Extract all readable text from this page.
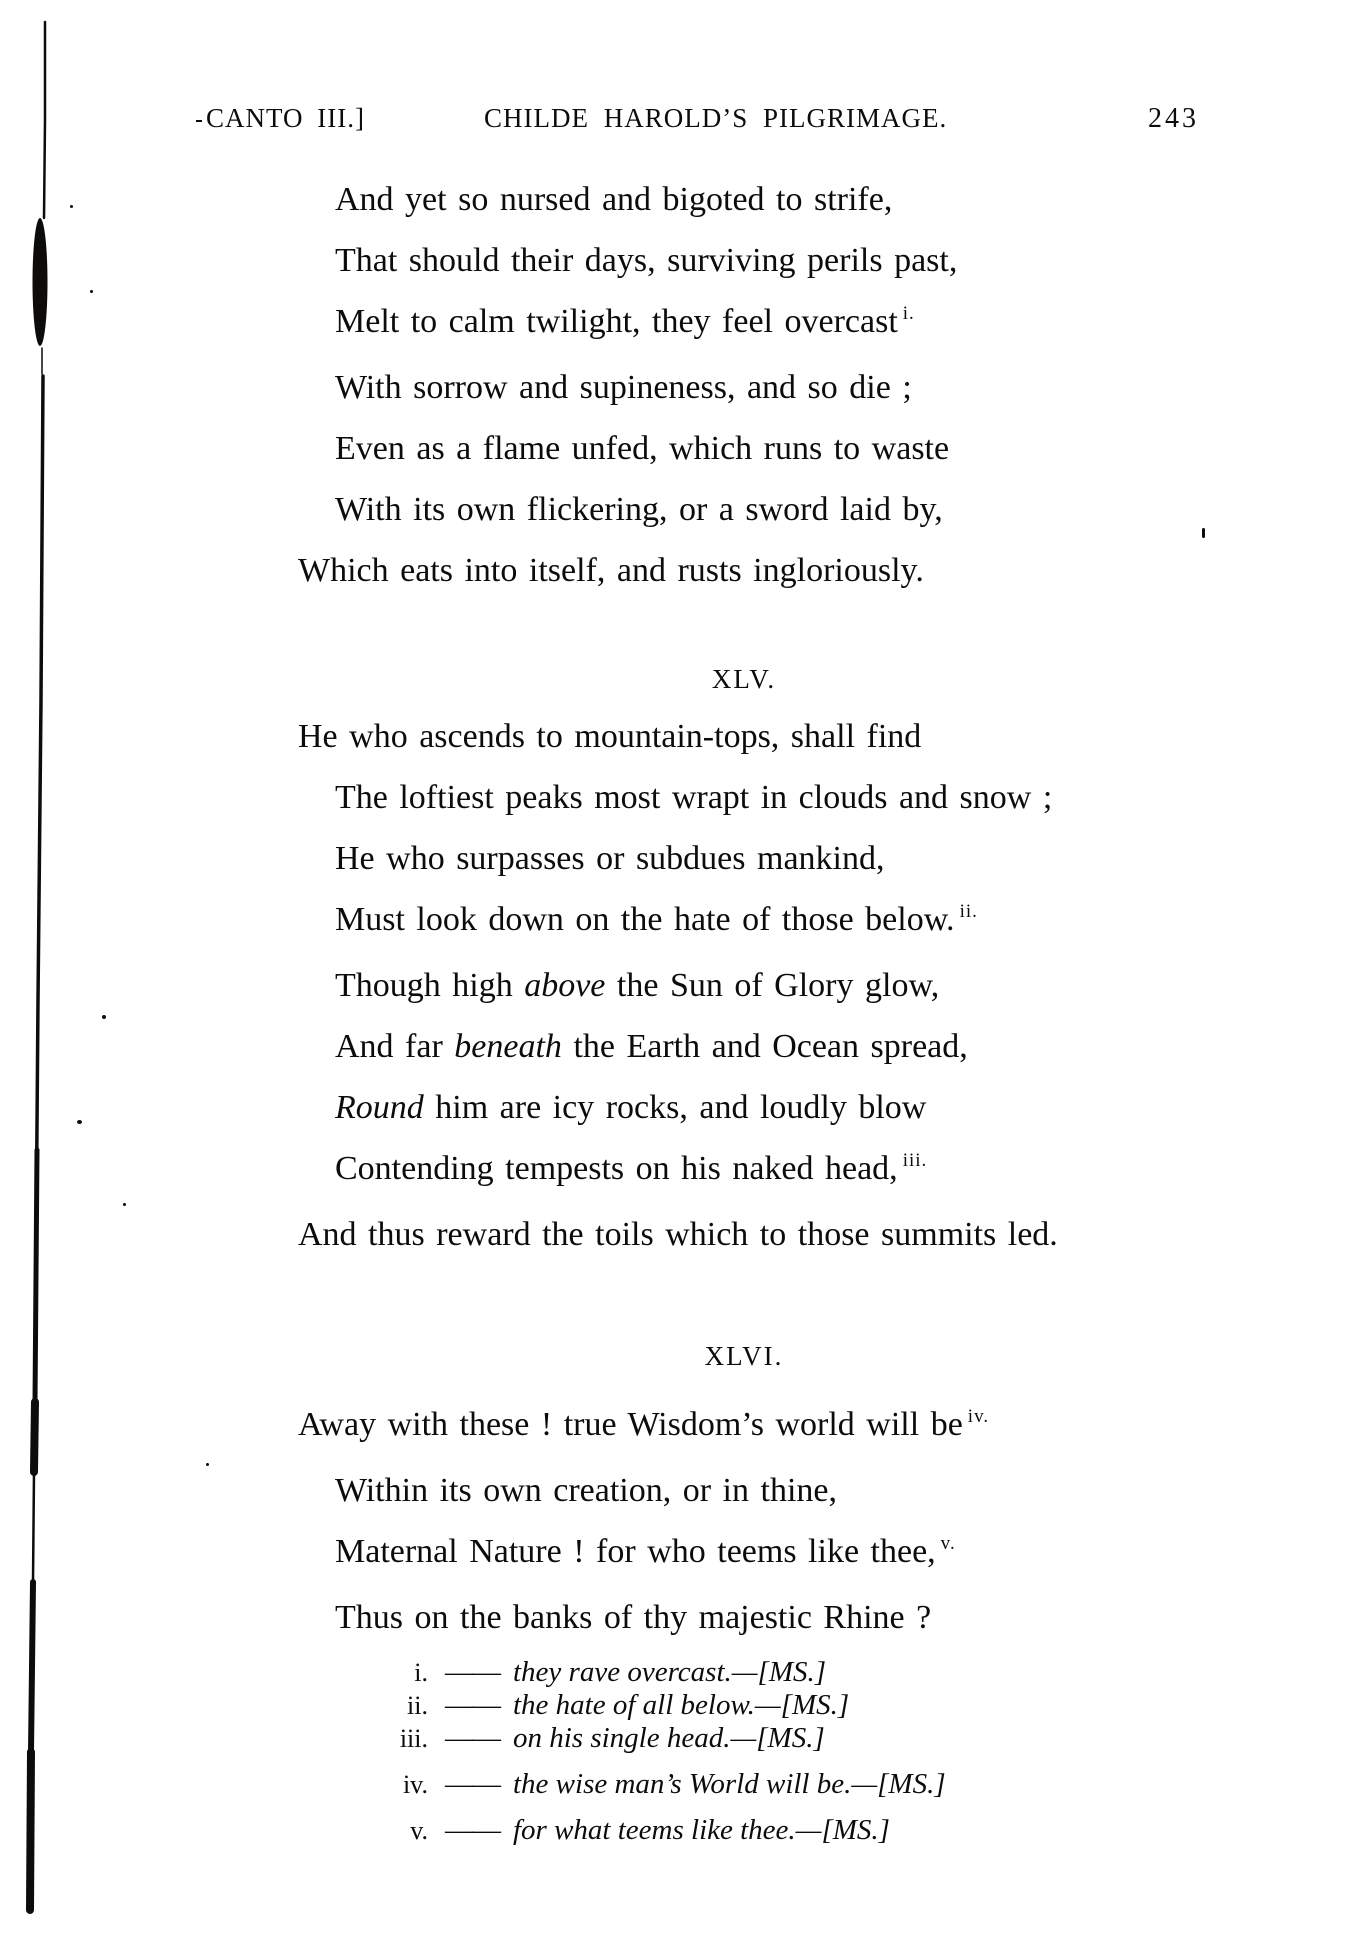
CANTO III.]	CHILDE HAROLD’S PILGRIMAGE.	243
And yet so nursed and bigoted to strife,
That should their days, surviving perils past,
Melt to calm twilight, they feel overcast $^{i.}$
With sorrow and supineness, and so die ;
Even as a flame unfed, which runs to waste
With its own flickering, or a sword laid by,
Which eats into itself, and rusts ingloriously.
XLV.
He who ascends to mountain-tops, shall find
The loftiest peaks most wrapt in clouds and snow ;
He who surpasses or subdues mankind,
Must look down on the hate of those below. $^{ii.}$
Though high above the Sun of Glory glow,
And far beneath the Earth and Ocean spread,
Round him are icy rocks, and loudly blow
Contending tempests on his naked head, $^{iii.}$
And thus reward the toils which to those summits led.
XLVI.
Away with these ! true Wisdom’s world will be $^{iv.}$
Within its own creation, or in thine,
Maternal Nature ! for who teems like thee, $^{v.}$
Thus on the banks of thy majestic Rhine ?
i. —— they rave overcast.—[MS.]
ii. —— the hate of all below.—[MS.]
iii. —— on his single head.—[MS.]
iv. —— the wise man’s World will be.—[MS.]
v. —— for what teems like thee.—[MS.]
